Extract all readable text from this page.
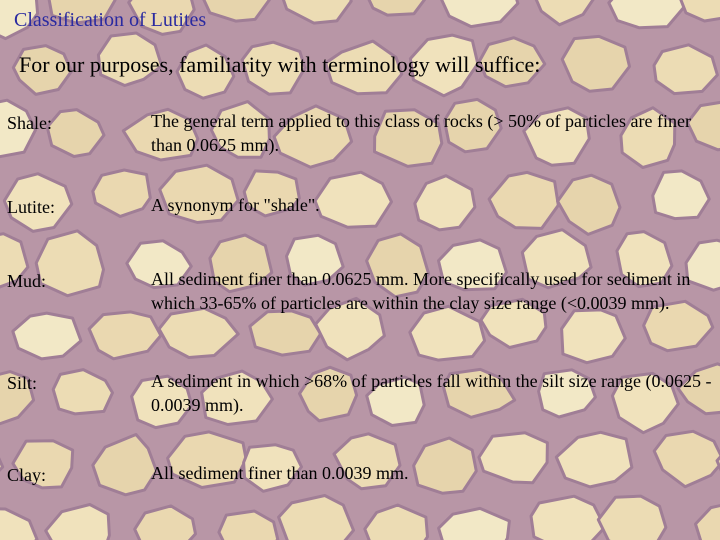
Classification of Lutites
For our purposes, familiarity with terminology will suffice:
Shale:	The general term applied to this class of rocks (> 50% of particles are finer than 0.0625 mm).
Lutite:	A synonym for "shale".
Mud:	All sediment finer than 0.0625 mm. More specifically used for sediment in which 33-65% of particles are within the clay size range (<0.0039 mm).
Silt:	A sediment in which >68% of particles fall within the silt size range (0.0625 - 0.0039 mm).
Clay:	All sediment finer than 0.0039 mm.
